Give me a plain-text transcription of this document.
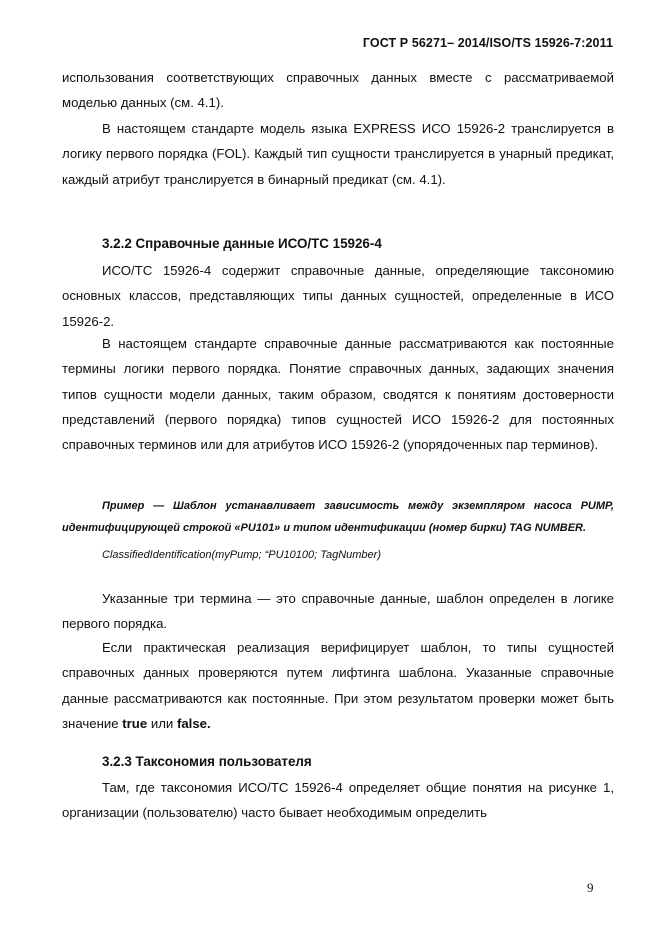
ГОСТ Р 56271– 2014/ISO/TS 15926-7:2011

использования соответствующих справочных данных вместе с рассматриваемой моделью данных (см. 4.1).

В настоящем стандарте модель языка EXPRESS ИСО 15926-2 транслируется в логику первого порядка (FOL). Каждый тип сущности транслируется в унарный предикат, каждый атрибут транслируется в бинарный предикат (см. 4.1).

3.2.2 Справочные данные ИСО/ТС 15926-4

ИСО/ТС 15926-4 содержит справочные данные, определяющие таксономию основных классов, представляющих типы данных сущностей, определенные в ИСО 15926-2.

В настоящем стандарте справочные данные рассматриваются как постоянные термины логики первого порядка. Понятие справочных данных, задающих значения типов сущности модели данных, таким образом, сводятся к понятиям достоверности представлений (первого порядка) типов сущностей ИСО 15926-2 для постоянных справочных терминов или для атрибутов ИСО 15926-2 (упорядоченных пар терминов).

Пример — Шаблон устанавливает зависимость между экземпляром насоса PUMP, идентифицирующей строкой «PU101» и типом идентификации (номер бирки) TAG NUMBER.

ClassifiedIdentification(myPump; “PU10100; TagNumber)

Указанные три термина — это справочные данные, шаблон определен в логике первого порядка.

Если практическая реализация верифицирует шаблон, то типы сущностей справочных данных проверяются путем лифтинга шаблона. Указанные справочные данные рассматриваются как постоянные. При этом результатом проверки может быть значение true или false.

3.2.3 Таксономия пользователя

Там, где таксономия ИСО/ТС 15926-4 определяет общие понятия на рисунке 1, организации (пользователю) часто бывает необходимым определить

9
